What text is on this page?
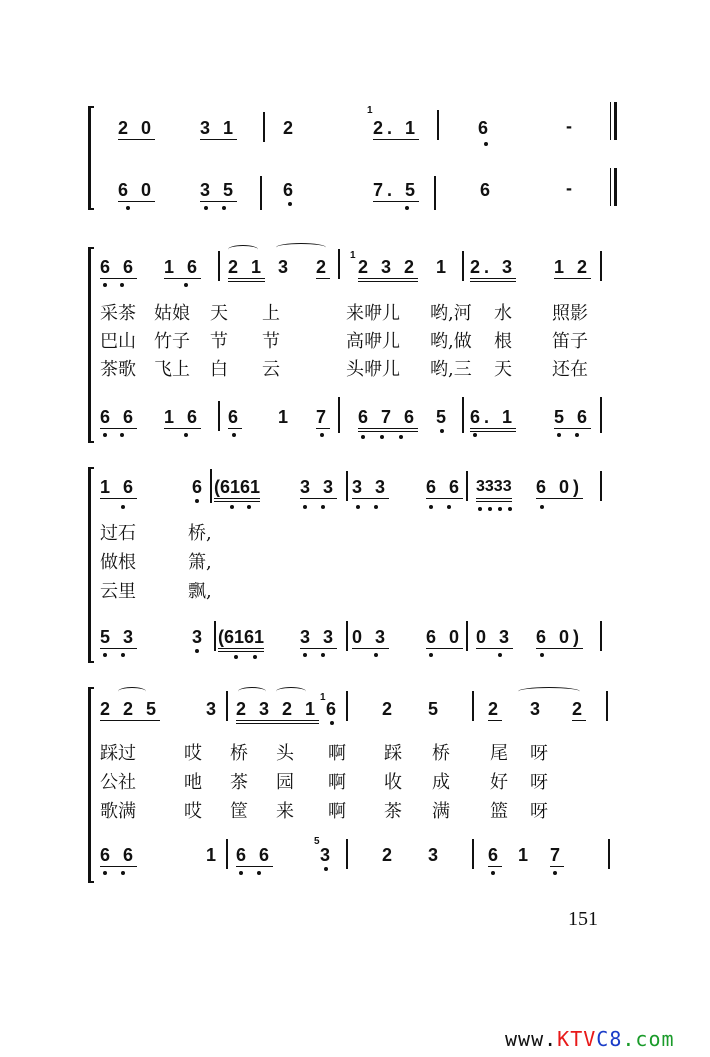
2 0 3 1	2
1
2. 1	6	-
6 0 3 5	6	7. 5	6	-
6 6 1 6 2 1 3 2
1
2 3 2 1 2. 3 1 2
采茶 姑娘 天 上	来咿儿 哟,河 水 照影
巴山 竹子 节 节	高咿儿 哟,做 根 笛子
茶歌 飞上 白 云	头咿儿 哟,三 天 还在
6 6 1 6 6 1 7 6 7 6 5 6. 1 5 6
1 6	6 (6161 3 3 3 3 6 6 3333 6 0)
过石	桥,
做根	箫,
云里	飘,
5 3	3 (6161 3 3 0 3 6 0 0 3 6 0)
2 2 5	3 2 3 2 1
1
6 2 5	2 3 2
踩过	哎 桥 头 啊 踩 桥 尾 呀
公社	吔 茶 园 啊 收 成 好 呀
歌满	哎 筐 来 啊 茶 满 篮 呀
6 6	1 6 6
5
3	2 3	6 1 7
151
www.KTVC8.com
